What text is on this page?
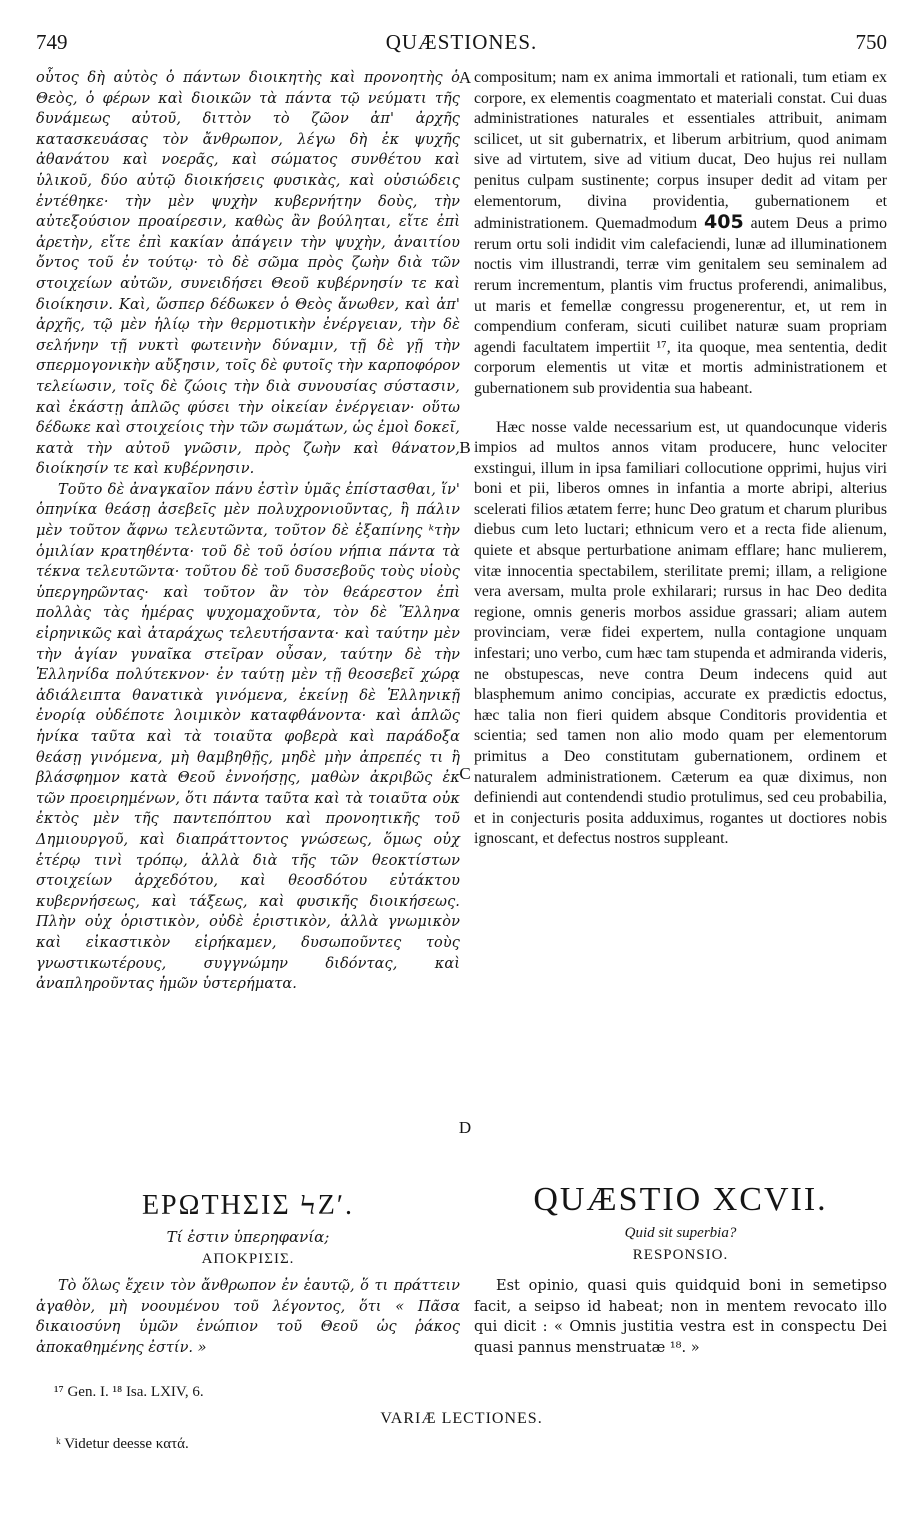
749	QUÆSTIONES.	750
A
B
C
D

οὗτος δὴ αὐτὸς ὁ πάντων διοικητὴς καὶ προνοητὴς ὁ Θεὸς, ὁ φέρων καὶ διοικῶν τὰ πάντα τῷ νεύματι τῆς δυνάμεως αὐτοῦ, διττὸν τὸ ζῶον ἀπ' ἀρχῆς κατασκευάσας τὸν ἄνθρωπον, λέγω δὴ ἐκ ψυχῆς ἀθανάτου καὶ νοερᾶς, καὶ σώματος συνθέτου καὶ ὑλικοῦ, δύο αὐτῷ διοικήσεις φυσικὰς, καὶ οὐσιώδεις ἐντέθηκε· τὴν μὲν ψυχὴν κυβερνήτην δοὺς, τὴν αὐτεξούσιον προαίρεσιν, καθὼς ἂν βούληται, εἴτε ἐπὶ ἀρετὴν, εἴτε ἐπὶ κακίαν ἀπάγειν τὴν ψυχὴν, ἀναιτίου ὄντος τοῦ ἐν τούτῳ· τὸ δὲ σῶμα πρὸς ζωὴν διὰ τῶν στοιχείων αὐτῶν, συνειδήσει Θεοῦ κυβέρνησίν τε καὶ διοίκησιν. Καὶ, ὥσπερ δέδωκεν ὁ Θεὸς ἄνωθεν, καὶ ἀπ' ἀρχῆς, τῷ μὲν ἡλίῳ τὴν θερμοτικὴν ἐνέργειαν, τὴν δὲ σελήνην τῇ νυκτὶ φωτεινὴν δύναμιν, τῇ δὲ γῇ τὴν σπερμογονικὴν αὔξησιν, τοῖς δὲ φυτοῖς τὴν καρποφόρον τελείωσιν, τοῖς δὲ ζώοις τὴν διὰ συνουσίας σύστασιν, καὶ ἑκάστῃ ἁπλῶς φύσει τὴν οἰκείαν ἐνέργειαν· οὕτω δέδωκε καὶ στοιχείοις τὴν τῶν σωμάτων, ὡς ἐμοὶ δοκεῖ, κατὰ τὴν αὐτοῦ γνῶσιν, πρὸς ζωὴν καὶ θάνατον, διοίκησίν τε καὶ κυβέρνησιν.

Τοῦτο δὲ ἀναγκαῖον πάνυ ἐστὶν ὑμᾶς ἐπίστασθαι, ἵν' ὁπηνίκα θεάσῃ ἀσεβεῖς μὲν πολυχρονιοῦντας, ἢ πάλιν μὲν τοῦτον ἄφνω τελευτῶντα, τοῦτον δὲ ἐξαπίνης ᵏτὴν ὁμιλίαν κρατηθέντα· τοῦ δὲ τοῦ ὁσίου νήπια πάντα τὰ τέκνα τελευτῶντα· τοῦτου δὲ τοῦ δυσσεβοῦς τοὺς υἱοὺς ὑπεργηρῶντας· καὶ τοῦτον ἂν τὸν θεάρεστον ἐπὶ πολλὰς τὰς ἡμέρας ψυχομαχοῦντα, τὸν δὲ Ἕλληνα εἰρηνικῶς καὶ ἀταράχως τελευτήσαντα· καὶ ταύτην μὲν τὴν ἁγίαν γυναῖκα στεῖραν οὖσαν, ταύτην δὲ τὴν Ἑλληνίδα πολύτεκνον· ἐν ταύτῃ μὲν τῇ θεοσεβεῖ χώρᾳ ἀδιάλειπτα θανατικὰ γινόμενα, ἐκείνῃ δὲ Ἑλληνικῇ ἐνορίᾳ οὐδέποτε λοιμικὸν καταφθάνοντα· καὶ ἁπλῶς ἡνίκα ταῦτα καὶ τὰ τοιαῦτα φοβερὰ καὶ παράδοξα θεάσῃ γινόμενα, μὴ θαμβηθῇς, μηδὲ μὴν ἀπρεπές τι ἢ βλάσφημον κατὰ Θεοῦ ἐννοήσῃς, μαθὼν ἀκριβῶς ἐκ τῶν προειρημένων, ὅτι πάντα ταῦτα καὶ τὰ τοιαῦτα οὐκ ἐκτὸς μὲν τῆς παντεπόπτου καὶ προνοητικῆς τοῦ Δημιουργοῦ, καὶ διαπράττοντος γνώσεως, ὅμως οὐχ ἑτέρῳ τινὶ τρόπῳ, ἀλλὰ διὰ τῆς τῶν θεοκτίστων στοιχείων ἀρχεδότου, καὶ θεοσδότου εὐτάκτου κυβερνήσεως, καὶ τάξεως, καὶ φυσικῆς διοικήσεως. Πλὴν οὐχ ὁριστικὸν, οὐδὲ ἐριστικὸν, ἀλλὰ γνωμικὸν καὶ εἰκαστικὸν εἰρήκαμεν, δυσωποῦντες τοὺς γνωστικωτέρους, συγγνώμην διδόντας, καὶ ἀναπληροῦντας ἡμῶν ὑστερήματα.

compositum; nam ex anima immortali et rationali, tum etiam ex corpore, ex elementis coagmentato et materiali constat. Cui duas administrationes naturales et essentiales attribuit, animam scilicet, ut sit gubernatrix, et liberum arbitrium, quod animam sive ad virtutem, sive ad vitium ducat, Deo hujus rei nullam penitus culpam sustinente; corpus insuper dedit ad vitam per elementorum, divina providentia, gubernationem et administrationem. Quemadmodum 405 autem Deus a primo rerum ortu soli indidit vim calefaciendi, lunæ ad illuminationem noctis vim illustrandi, terræ vim genitalem seu seminalem ad rerum incrementum, plantis vim fructus proferendi, animalibus, ut maris et femellæ congressu progenerentur, et, ut rem in compendium conferam, sicuti cuilibet naturæ suam propriam agendi facultatem impertiit ¹⁷, ita quoque, mea sententia, dedit corporum elementis ut vitæ et mortis administrationem et gubernationem sub providentia sua habeant.

Hæc nosse valde necessarium est, ut quandocunque videris impios ad multos annos vitam producere, hunc velociter exstingui, illum in ipsa familiari collocutione opprimi, hujus viri boni et pii, liberos omnes in infantia a morte abripi, alterius scelerati filios ætatem ferre; hunc Deo gratum et charum pluribus diebus cum leto luctari; ethnicum vero et a recta fide alienum, quiete et absque perturbatione animam efflare; hanc mulierem, vitæ innocentia spectabilem, sterilitate premi; illam, a religione vera aversam, multa prole exhilarari; rursus in hac Deo dedita regione, omnis generis morbos assidue grassari; aliam autem provinciam, veræ fidei expertem, nulla contagione unquam infestari; uno verbo, cum hæc tam stupenda et admiranda videris, ne obstupescas, neve contra Deum indecens quid aut blasphemum animo concipias, accurate ex prædictis edoctus, hæc talia non fieri quidem absque Conditoris providentia et scientia; sed tamen non alio modo quam per elementorum primitus a Deo constitutam gubernationem, ordinem et naturalem administrationem. Cæterum ea quæ diximus, non definiendi aut contendendi studio protulimus, sed ceu probabilia, et in conjecturis posita adduximus, rogantes ut doctiores nobis ignoscant, et defectus nostros suppleant.

ΕΡΩΤΗΣΙΣ ϞΖʹ.
Τί ἐστιν ὑπερηφανία;
ΑΠΟΚΡΙΣΙΣ.
QUÆSTIO XCVII.
Quid sit superbia?
RESPONSIO.

Τὸ ὅλως ἔχειν τὸν ἄνθρωπον ἐν ἑαυτῷ, ὅ τι πράττειν ἀγαθὸν, μὴ νοουμένου τοῦ λέγοντος, ὅτι « Πᾶσα δικαιοσύνη ὑμῶν ἐνώπιον τοῦ Θεοῦ ὡς ῥάκος ἀποκαθημένης ἐστίν. »

Est opinio, quasi quis quidquid boni in semetipso facit, a seipso id habeat; non in mentem revocato illo qui dicit : « Omnis justitia vestra est in conspectu Dei quasi pannus menstruatæ ¹⁸. »

¹⁷ Gen. I. ¹⁸ Isa. LXIV, 6.
VARIÆ LECTIONES.
ᵏ Videtur deesse κατά.
